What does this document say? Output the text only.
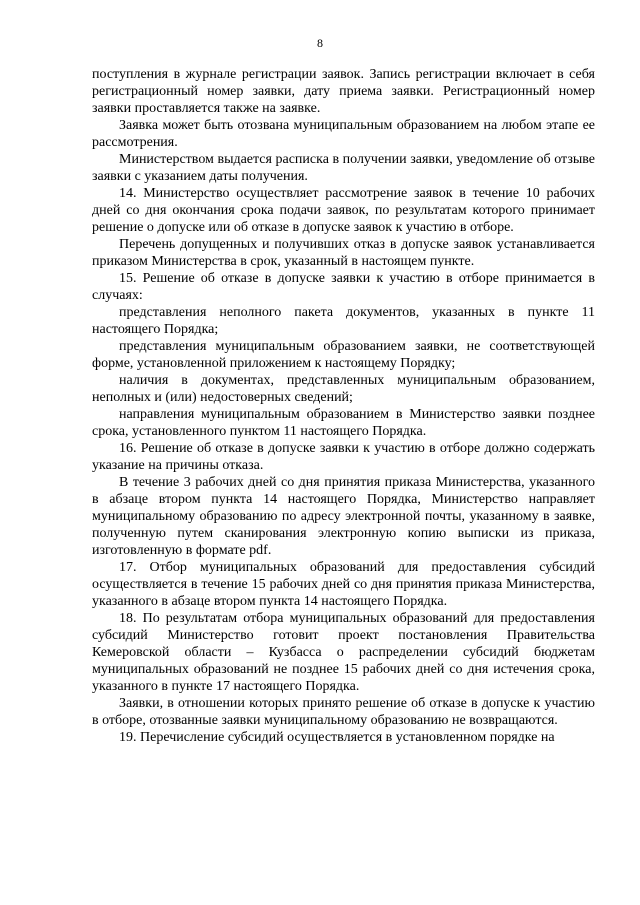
8

поступления в журнале регистрации заявок. Запись регистрации включает в себя регистрационный номер заявки, дату приема заявки. Регистрационный номер заявки проставляется также на заявке.

Заявка может быть отозвана муниципальным образованием на любом этапе ее рассмотрения.

Министерством выдается расписка в получении заявки, уведомление об отзыве заявки с указанием даты получения.

14. Министерство осуществляет рассмотрение заявок в течение 10 рабочих дней со дня окончания срока подачи заявок, по результатам которого принимает решение о допуске или об отказе в допуске заявок к участию в отборе.

Перечень допущенных и получивших отказ в допуске заявок устанавливается приказом Министерства в срок, указанный в настоящем пункте.

15. Решение об отказе в допуске заявки к участию в отборе принимается в случаях:

представления неполного пакета документов, указанных в пункте 11 настоящего Порядка;

представления муниципальным образованием заявки, не соответствующей форме, установленной приложением к настоящему Порядку;

наличия в документах, представленных муниципальным образованием, неполных и (или) недостоверных сведений;

направления муниципальным образованием в Министерство заявки позднее срока, установленного пунктом 11 настоящего Порядка.

16. Решение об отказе в допуске заявки к участию в отборе должно содержать указание на причины отказа.

В течение 3 рабочих дней со дня принятия приказа Министерства, указанного в абзаце втором пункта 14 настоящего Порядка, Министерство направляет муниципальному образованию по адресу электронной почты, указанному в заявке, полученную путем сканирования электронную копию выписки из приказа, изготовленную в формате pdf.

17. Отбор муниципальных образований для предоставления субсидий осуществляется в течение 15 рабочих дней со дня принятия приказа Министерства, указанного в абзаце втором пункта 14 настоящего Порядка.

18. По результатам отбора муниципальных образований для предоставления субсидий Министерство готовит проект постановления Правительства Кемеровской области – Кузбасса о распределении субсидий бюджетам муниципальных образований не позднее 15 рабочих дней со дня истечения срока, указанного в пункте 17 настоящего Порядка.

Заявки, в отношении которых принято решение об отказе в допуске к участию в отборе, отозванные заявки муниципальному образованию не возвращаются.

19. Перечисление субсидий осуществляется в установленном порядке на
